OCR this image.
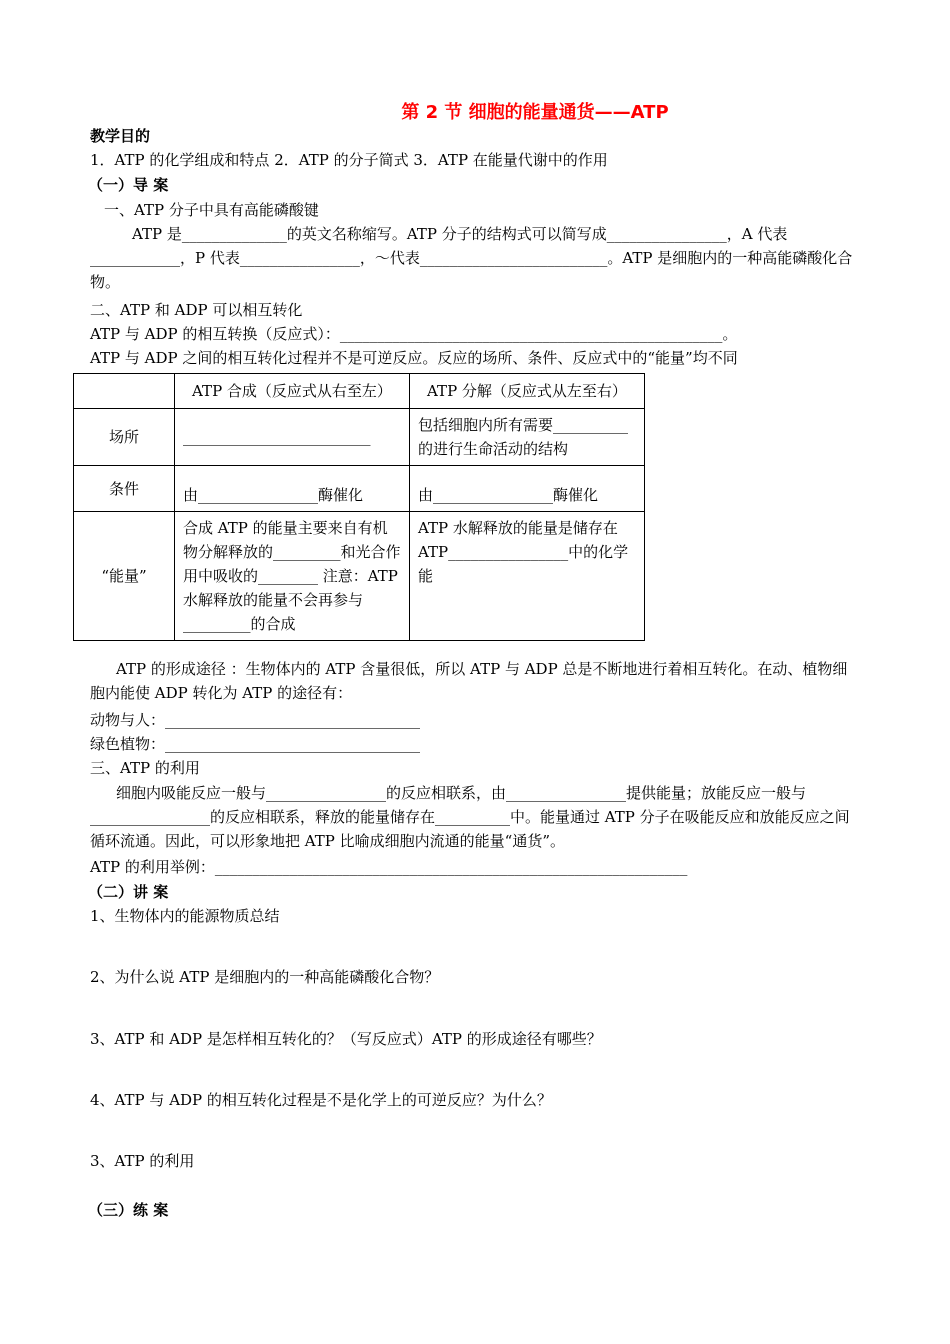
第 2 节 细胞的能量通货——ATP
教学目的
1．ATP 的化学组成和特点 2．ATP 的分子简式 3．ATP 在能量代谢中的作用
（一）导 案
一、ATP 分子中具有高能磷酸键
ATP 是______________的英文名称缩写。ATP 分子的结构式可以简写成________________，A 代表____________，P 代表________________，～代表_________________________。ATP 是细胞内的一种高能磷酸化合物。
二、ATP 和 ADP 可以相互转化
ATP 与 ADP 的相互转换（反应式）：___________________________________________________。
ATP 与 ADP 之间的相互转化过程并不是可逆反应。反应的场所、条件、反应式中的“能量”均不同
	ATP 合成（反应式从右至左）	ATP 分解（反应式从左至右）
场所	_________________________	包括细胞内所有需要__________的进行生命活动的结构
条件	由________________酶催化	由________________酶催化
“能量”	合成 ATP 的能量主要来自有机物分解释放的_________和光合作用中吸收的________ 注意：ATP 水解释放的能量不会再参与_________的合成	ATP 水解释放的能量是储存在 ATP________________中的化学能
ATP 的形成途径 ：生物体内的 ATP 含量很低，所以 ATP 与 ADP 总是不断地进行着相互转化。在动、植物细胞内能使 ADP 转化为 ATP 的途径有：
动物与人：__________________________________
绿色植物：__________________________________
三、ATP 的利用
细胞内吸能反应一般与________________的反应相联系，由________________提供能量；放能反应一般与________________的反应相联系，释放的能量储存在__________中。能量通过 ATP 分子在吸能反应和放能反应之间循环流通。因此，可以形象地把 ATP 比喻成细胞内流通的能量“通货”。
ATP 的利用举例：_______________________________________________________________
（二）讲 案
1、生物体内的能源物质总结
2、为什么说 ATP 是细胞内的一种高能磷酸化合物？
3、ATP 和 ADP 是怎样相互转化的？（写反应式）ATP 的形成途径有哪些？
4、ATP 与 ADP 的相互转化过程是不是化学上的可逆反应？为什么？
3、ATP 的利用
（三）练 案
